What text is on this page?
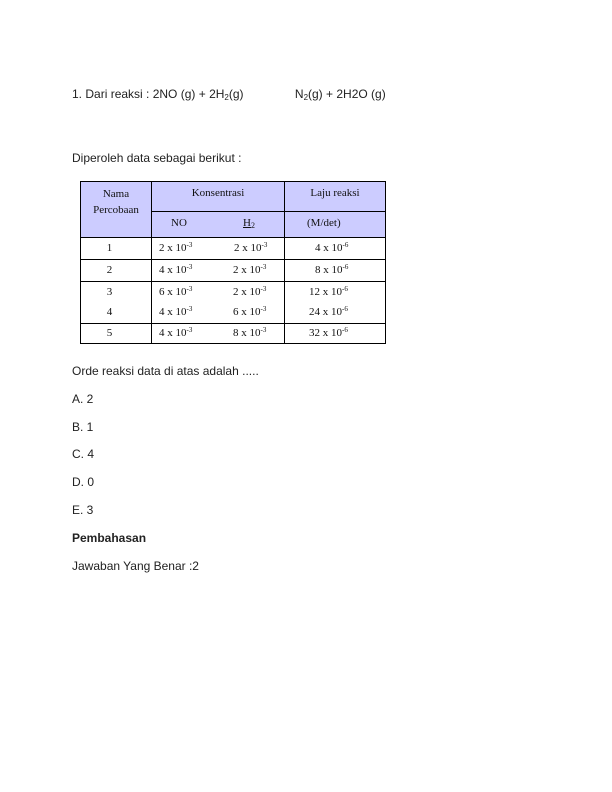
1. Dari reaksi : 2NO $(g) + 2H_2(g)$	$N_2(g) + 2H2O$ (g)
Diperoleh data sebagai berikut :
Nama
Percobaan
Konsentrasi	Laju reaksi
NO	$H_2$	(M/det)
1	2 x $10^{-3}$	2 x $10^{-3}$	4 x $10^{-6}$
2	4 x $10^{-3}$	2 x $10^{-3}$	8 x $10^{-6}$
3	6 x $10^{-3}$	2 x $10^{-3}$	12 x $10^{-6}$
4	4 x $10^{-3}$	6 x $10^{-3}$	24 x $10^{-6}$
5	4 x $10^{-3}$	8 x $10^{-3}$	32 x $10^{-6}$
Orde reaksi data di atas adalah .....
A. 2
B. 1
C. 4
D. 0
E. 3
Pembahasan
Jawaban Yang Benar :2
